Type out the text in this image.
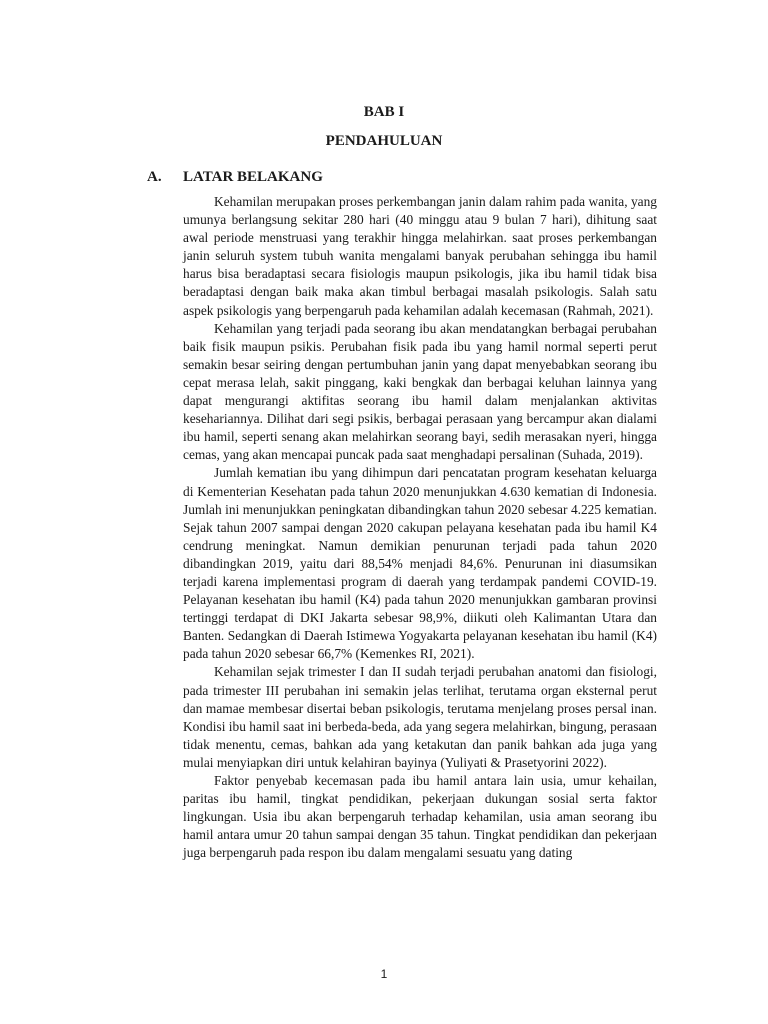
BAB I
PENDAHULUAN
A. LATAR BELAKANG

Kehamilan merupakan proses perkembangan janin dalam rahim pada wanita, yang umunya berlangsung sekitar 280 hari (40 minggu atau 9 bulan 7 hari), dihitung saat awal periode menstruasi yang terakhir hingga melahirkan. saat proses perkembangan janin seluruh system tubuh wanita mengalami banyak perubahan sehingga ibu hamil harus bisa beradaptasi secara fisiologis maupun psikologis, jika ibu hamil tidak bisa beradaptasi dengan baik maka akan timbul berbagai masalah psikologis. Salah satu aspek psikologis yang berpengaruh pada kehamilan adalah kecemasan (Rahmah, 2021).

Kehamilan yang terjadi pada seorang ibu akan mendatangkan berbagai perubahan baik fisik maupun psikis. Perubahan fisik pada ibu yang hamil normal seperti perut semakin besar seiring dengan pertumbuhan janin yang dapat menyebabkan seorang ibu cepat merasa lelah, sakit pinggang, kaki bengkak dan berbagai keluhan lainnya yang dapat mengurangi aktifitas seorang ibu hamil dalam menjalankan aktivitas kesehariannya. Dilihat dari segi psikis, berbagai perasaan yang bercampur akan dialami ibu hamil, seperti senang akan melahirkan seorang bayi, sedih merasakan nyeri, hingga cemas, yang akan mencapai puncak pada saat menghadapi persalinan (Suhada, 2019).

Jumlah kematian ibu yang dihimpun dari pencatatan program kesehatan keluarga di Kementerian Kesehatan pada tahun 2020 menunjukkan 4.630 kematian di Indonesia. Jumlah ini menunjukkan peningkatan dibandingkan tahun 2020 sebesar 4.225 kematian. Sejak tahun 2007 sampai dengan 2020 cakupan pelayana kesehatan pada ibu hamil K4 cendrung meningkat. Namun demikian penurunan terjadi pada tahun 2020 dibandingkan 2019, yaitu dari 88,54% menjadi 84,6%. Penurunan ini diasumsikan terjadi karena implementasi program di daerah yang terdampak pandemi COVID-19. Pelayanan kesehatan ibu hamil (K4) pada tahun 2020 menunjukkan gambaran provinsi tertinggi terdapat di DKI Jakarta sebesar 98,9%, diikuti oleh Kalimantan Utara dan Banten. Sedangkan di Daerah Istimewa Yogyakarta pelayanan kesehatan ibu hamil (K4) pada tahun 2020 sebesar 66,7% (Kemenkes RI, 2021).

Kehamilan sejak trimester I dan II sudah terjadi perubahan anatomi dan fisiologi, pada trimester III perubahan ini semakin jelas terlihat, terutama organ eksternal perut dan mamae membesar disertai beban psikologis, terutama menjelang proses persal inan. Kondisi ibu hamil saat ini berbeda-beda, ada yang segera melahirkan, bingung, perasaan tidak menentu, cemas, bahkan ada yang ketakutan dan panik bahkan ada juga yang mulai menyiapkan diri untuk kelahiran bayinya (Yuliyati & Prasetyorini 2022).

Faktor penyebab kecemasan pada ibu hamil antara lain usia, umur kehailan, paritas ibu hamil, tingkat pendidikan, pekerjaan dukungan sosial serta faktor lingkungan. Usia ibu akan berpengaruh terhadap kehamilan, usia aman seorang ibu hamil antara umur 20 tahun sampai dengan 35 tahun. Tingkat pendidikan dan pekerjaan juga berpengaruh pada respon ibu dalam mengalami sesuatu yang dating

1
